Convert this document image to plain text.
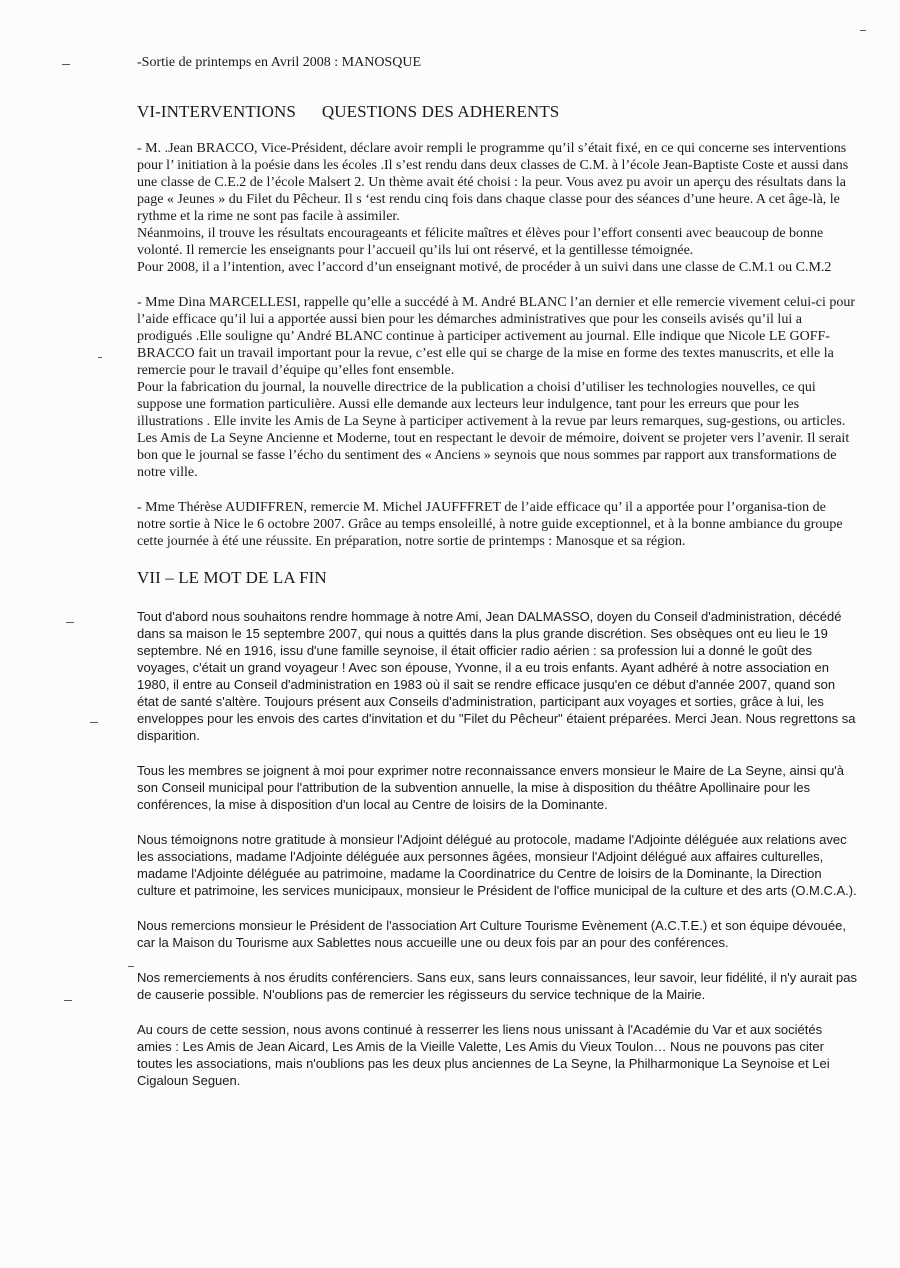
-Sortie de printemps en Avril 2008 : MANOSQUE
VI-INTERVENTIONS QUESTIONS DES ADHERENTS

- M. .Jean BRACCO, Vice-Président, déclare avoir rempli le programme qu’il s’était fixé, en ce qui concerne ses interventions pour l’ initiation à la poésie dans les écoles .Il s’est rendu dans deux classes de C.M. à l’école Jean-Baptiste Coste et aussi dans une classe de C.E.2 de l’école Malsert 2. Un thème avait été choisi : la peur. Vous avez pu avoir un aperçu des résultats dans la page « Jeunes » du Filet du Pêcheur. Il s ‘est rendu cinq fois dans chaque classe pour des séances d’une heure. A cet âge-là, le rythme et la rime ne sont pas facile à assimiler.
Néanmoins, il trouve les résultats encourageants et félicite maîtres et élèves pour l’effort consenti avec beaucoup de bonne volonté. Il remercie les enseignants pour l’accueil qu’ils lui ont réservé, et la gentillesse témoignée.
Pour 2008, il a l’intention, avec l’accord d’un enseignant motivé, de procéder à un suivi dans une classe de C.M.1 ou C.M.2

- Mme Dina MARCELLESI, rappelle qu’elle a succédé à M. André BLANC l’an dernier et elle remercie vivement celui-ci pour l’aide efficace qu’il lui a apportée aussi bien pour les démarches administratives que pour les conseils avisés qu’il lui a prodigués .Elle souligne qu’ André BLANC continue à participer activement au journal. Elle indique que Nicole LE GOFF-BRACCO fait un travail important pour la revue, c’est elle qui se charge de la mise en forme des textes manuscrits, et elle la remercie pour le travail d’équipe qu’elles font ensemble.
Pour la fabrication du journal, la nouvelle directrice de la publication a choisi d’utiliser les technologies nouvelles, ce qui suppose une formation particulière. Aussi elle demande aux lecteurs leur indulgence, tant pour les erreurs que pour les illustrations . Elle invite les Amis de La Seyne à participer activement à la revue par leurs remarques, sug-gestions, ou articles. Les Amis de La Seyne Ancienne et Moderne, tout en respectant le devoir de mémoire, doivent se projeter vers l’avenir. Il serait bon que le journal se fasse l’écho du sentiment des « Anciens » seynois que nous sommes par rapport aux transformations de notre ville.

- Mme Thérèse AUDIFFREN, remercie M. Michel JAUFFFRET de l’aide efficace qu’ il a apportée pour l’organisa-tion de notre sortie à Nice le 6 octobre 2007. Grâce au temps ensoleillé, à notre guide exceptionnel, et à la bonne ambiance du groupe cette journée à été une réussite. En préparation, notre sortie de printemps : Manosque et sa région.

VII – LE MOT DE LA FIN

Tout d'abord nous souhaitons rendre hommage à notre Ami, Jean DALMASSO, doyen du Conseil d'administration, décédé dans sa maison le 15 septembre 2007, qui nous a quittés dans la plus grande discrétion. Ses obsèques ont eu lieu le 19 septembre. Né en 1916, issu d'une famille seynoise, il était officier radio aérien : sa profession lui a donné le goût des voyages, c'était un grand voyageur ! Avec son épouse, Yvonne, il a eu trois enfants. Ayant adhéré à notre association en 1980, il entre au Conseil d'administration en 1983 où il sait se rendre efficace jusqu'en ce début d'année 2007, quand son état de santé s'altère. Toujours présent aux Conseils d'administration, participant aux voyages et sorties, grâce à lui, les enveloppes pour les envois des cartes d'invitation et du "Filet du Pêcheur" étaient préparées. Merci Jean. Nous regrettons sa disparition.

Tous les membres se joignent à moi pour exprimer notre reconnaissance envers monsieur le Maire de La Seyne, ainsi qu'à son Conseil municipal pour l'attribution de la subvention annuelle, la mise à disposition du théâtre Apollinaire pour les conférences, la mise à disposition d'un local au Centre de loisirs de la Dominante.

Nous témoignons notre gratitude à monsieur l'Adjoint délégué au protocole, madame l'Adjointe déléguée aux relations avec les associations, madame l'Adjointe déléguée aux personnes âgées, monsieur l'Adjoint délégué aux affaires culturelles, madame l'Adjointe déléguée au patrimoine, madame la Coordinatrice du Centre de loisirs de la Dominante, la Direction culture et patrimoine, les services municipaux, monsieur le Président de l'office municipal de la culture et des arts (O.M.C.A.).

Nous remercions monsieur le Président de l'association Art Culture Tourisme Evènement (A.C.T.E.) et son équipe dévouée, car la Maison du Tourisme aux Sablettes nous accueille une ou deux fois par an pour des conférences.

Nos remerciements à nos érudits conférenciers. Sans eux, sans leurs connaissances, leur savoir, leur fidélité, il n'y aurait pas de causerie possible. N'oublions pas de remercier les régisseurs du service technique de la Mairie.

Au cours de cette session, nous avons continué à resserrer les liens nous unissant à l'Académie du Var et aux sociétés amies : Les Amis de Jean Aicard, Les Amis de la Vieille Valette, Les Amis du Vieux Toulon… Nous ne pouvons pas citer toutes les associations, mais n'oublions pas les deux plus anciennes de La Seyne, la Philharmonique La Seynoise et Lei Cigaloun Seguen.
